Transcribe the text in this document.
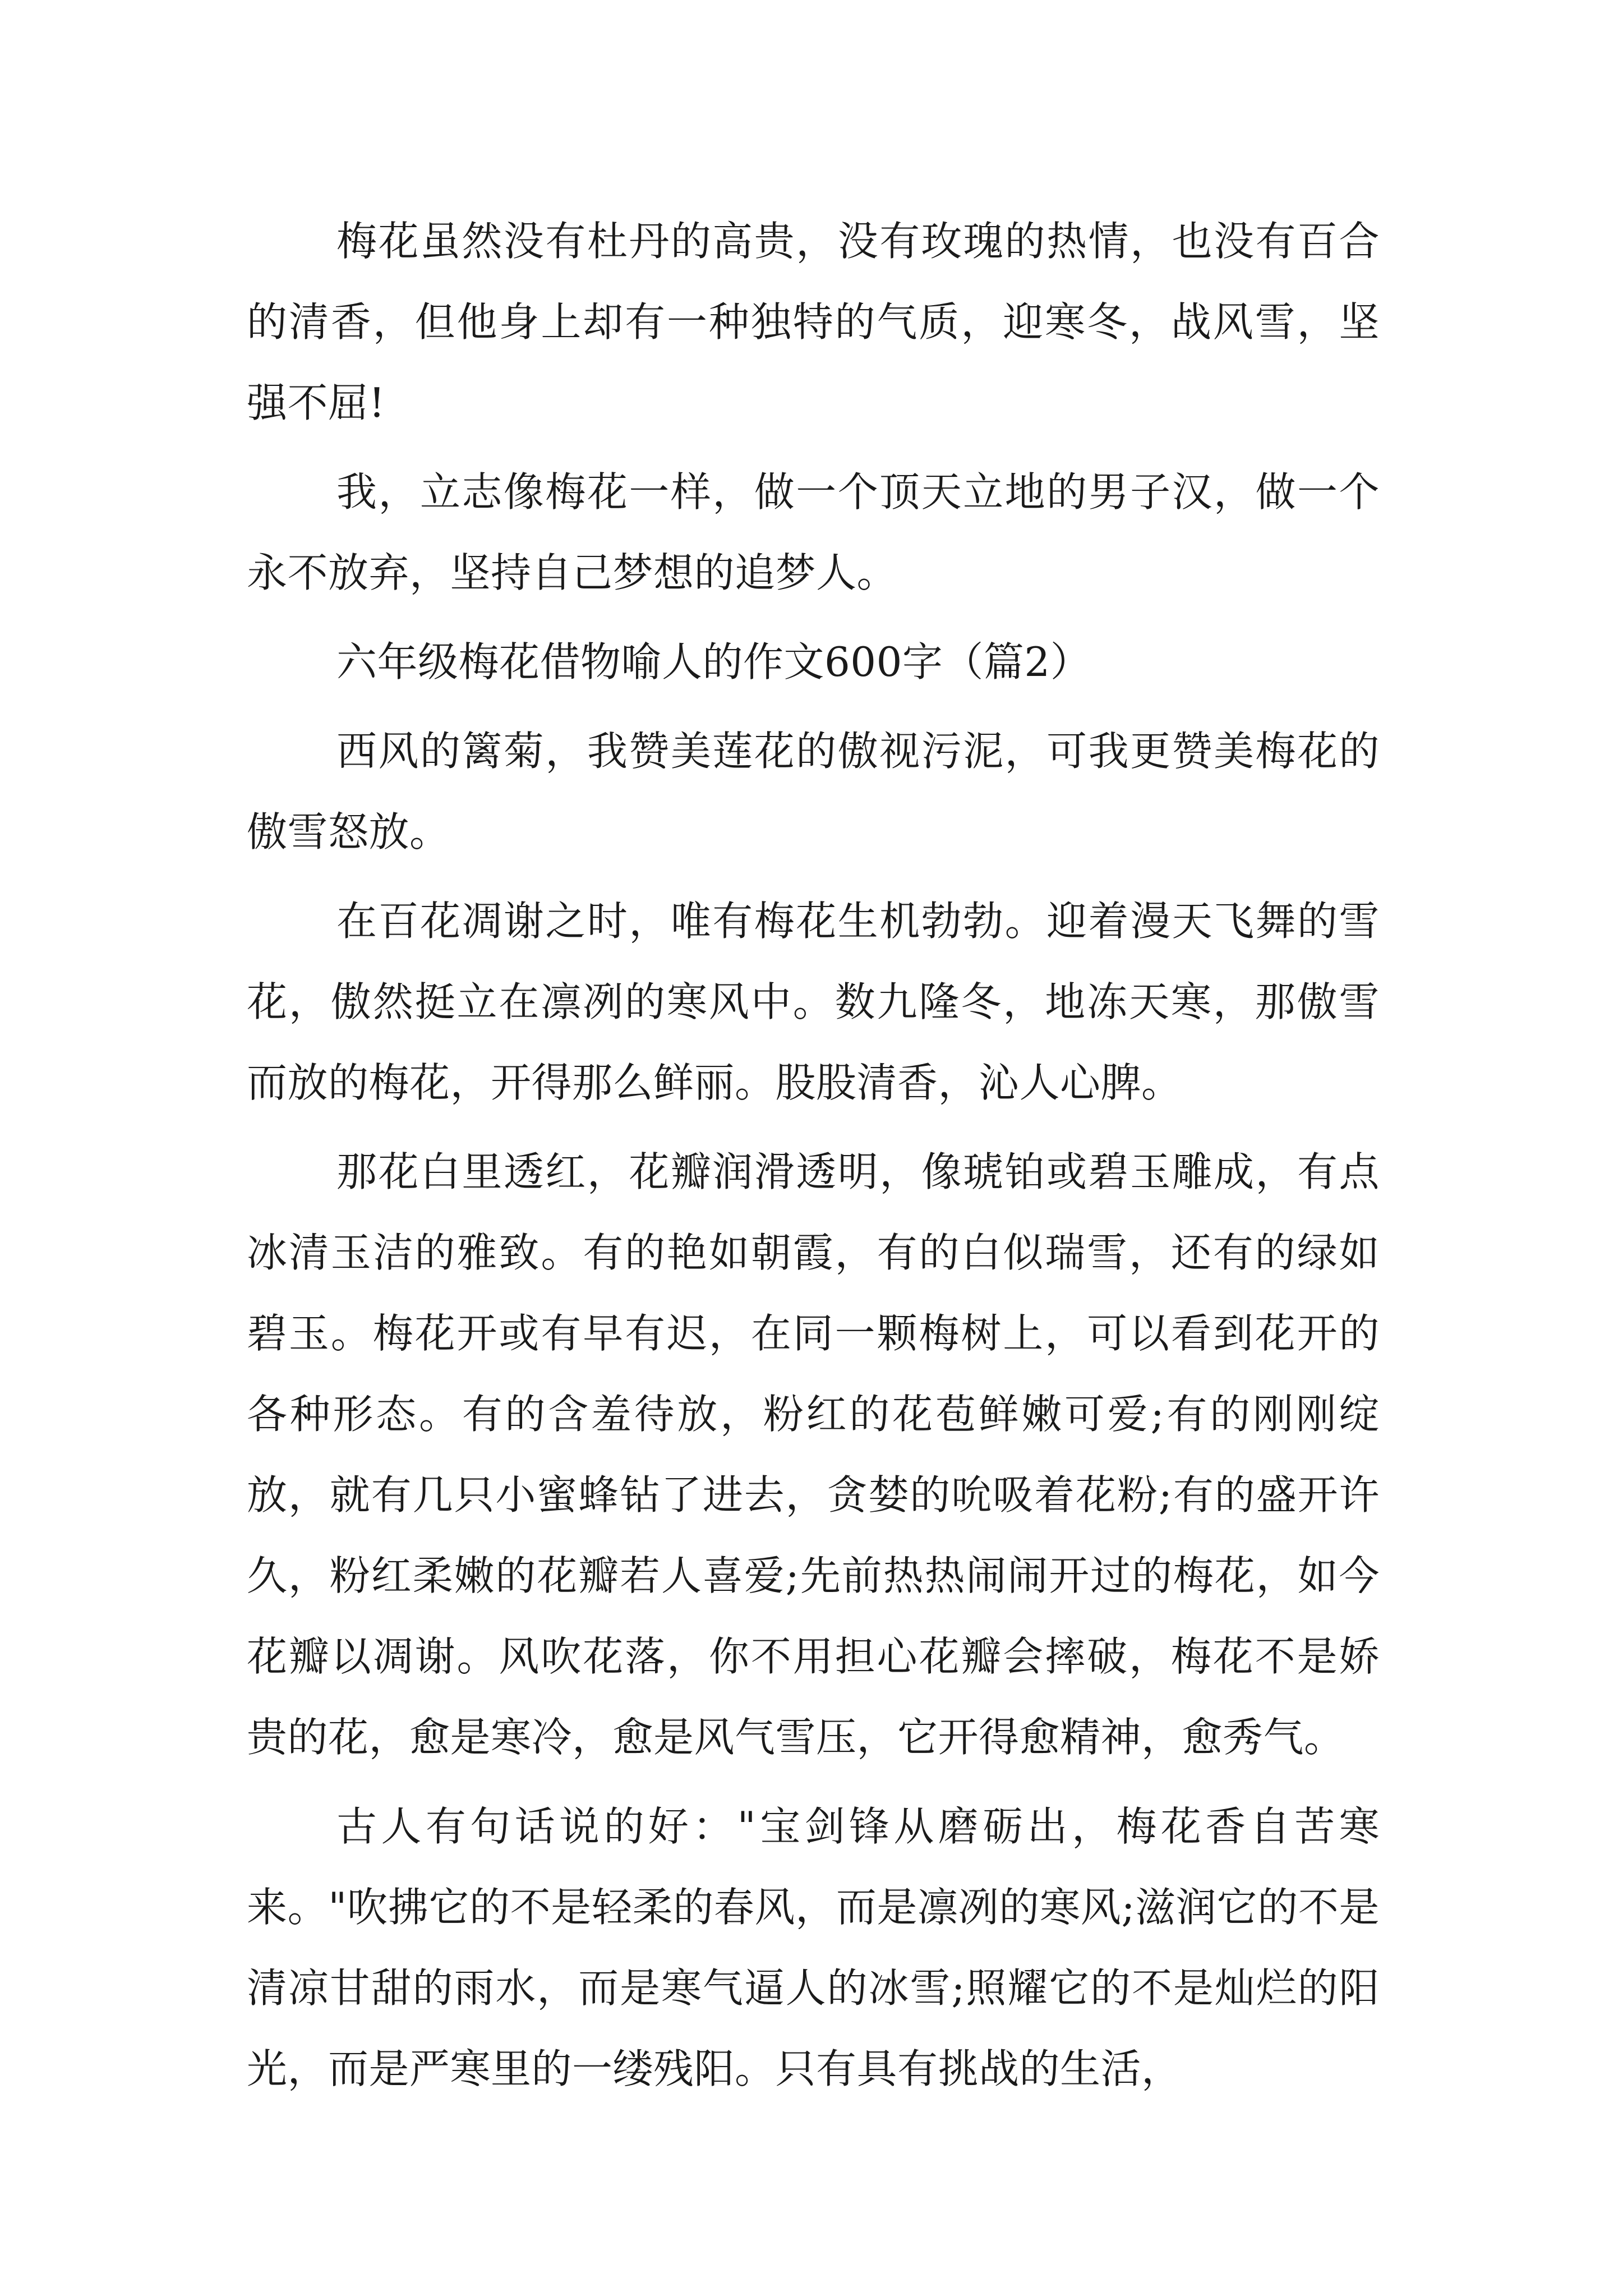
梅花虽然没有杜丹的高贵，没有玫瑰的热情，也没有百合的清香，但他身上却有一种独特的气质，迎寒冬，战风雪，坚强不屈!

我，立志像梅花一样，做一个顶天立地的男子汉，做一个永不放弃，坚持自己梦想的追梦人。

六年级梅花借物喻人的作文600字（篇2）

西风的篱菊，我赞美莲花的傲视污泥，可我更赞美梅花的傲雪怒放。

在百花凋谢之时，唯有梅花生机勃勃。迎着漫天飞舞的雪花，傲然挺立在凛冽的寒风中。数九隆冬，地冻天寒，那傲雪而放的梅花，开得那么鲜丽。股股清香，沁人心脾。

那花白里透红，花瓣润滑透明，像琥铂或碧玉雕成，有点冰清玉洁的雅致。有的艳如朝霞，有的白似瑞雪，还有的绿如碧玉。梅花开或有早有迟，在同一颗梅树上，可以看到花开的各种形态。有的含羞待放，粉红的花苞鲜嫩可爱;有的刚刚绽放，就有几只小蜜蜂钻了进去，贪婪的吮吸着花粉;有的盛开许久，粉红柔嫩的花瓣若人喜爱;先前热热闹闹开过的梅花，如今花瓣以凋谢。风吹花落，你不用担心花瓣会摔破，梅花不是娇贵的花，愈是寒冷，愈是风气雪压，它开得愈精神，愈秀气。

古人有句话说的好："宝剑锋从磨砺出，梅花香自苦寒来。"吹拂它的不是轻柔的春风，而是凛冽的寒风;滋润它的不是清凉甘甜的雨水，而是寒气逼人的冰雪;照耀它的不是灿烂的阳光，而是严寒里的一缕残阳。只有具有挑战的生活，
